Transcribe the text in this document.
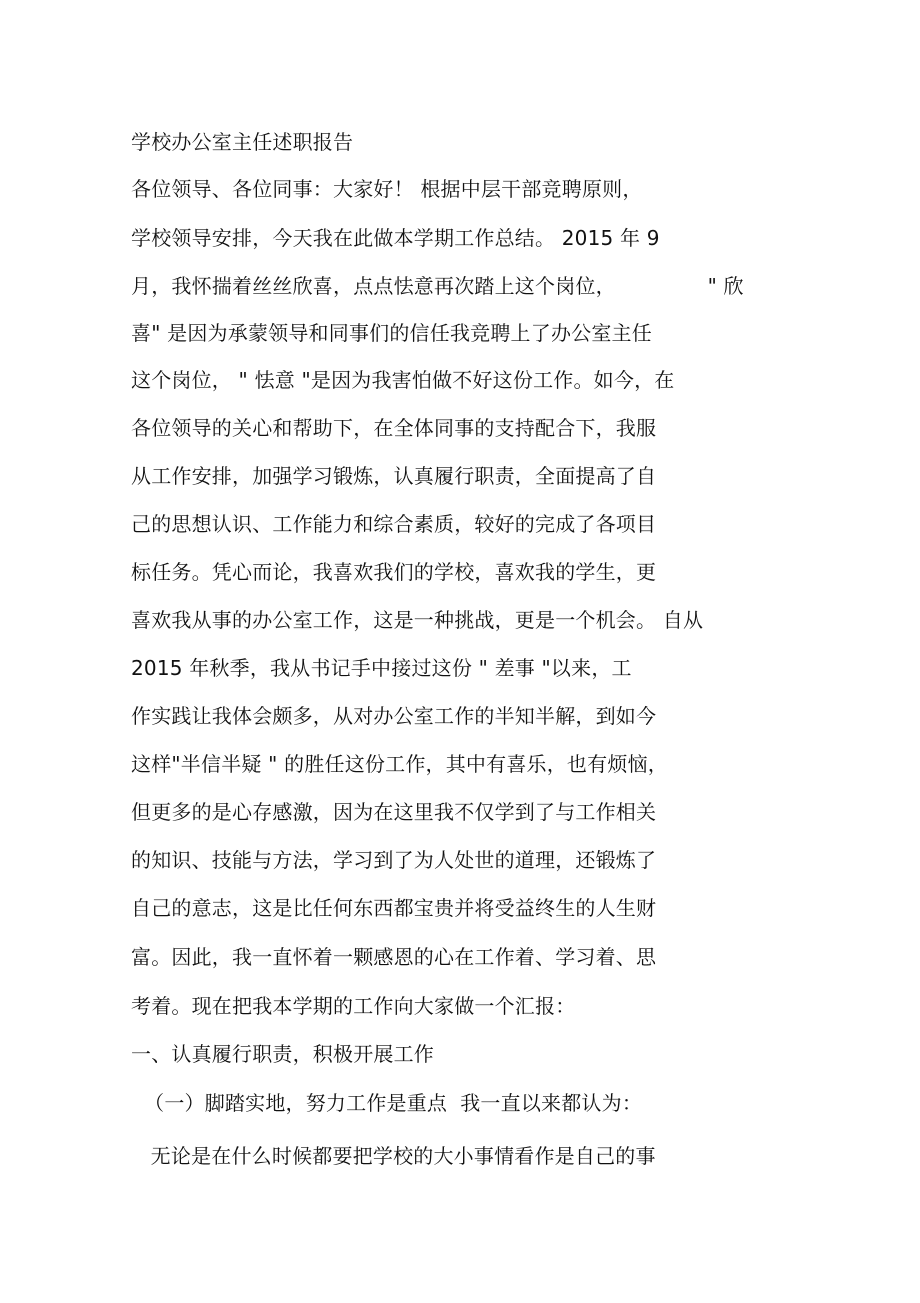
学校办公室主任述职报告
各位领导、各位同事：大家好！ 根据中层干部竞聘原则，
学校领导安排，今天我在此做本学期工作总结。 2015 年 9
月，我怀揣着丝丝欣喜，点点怯意再次踏上这个岗位，              " 欣
喜" 是因为承蒙领导和同事们的信任我竞聘上了办公室主任
这个岗位， " 怯意 "是因为我害怕做不好这份工作。如今，在
各位领导的关心和帮助下，在全体同事的支持配合下，我服
从工作安排，加强学习锻炼，认真履行职责，全面提高了自
己的思想认识、工作能力和综合素质，较好的完成了各项目
标任务。凭心而论，我喜欢我们的学校，喜欢我的学生，更
喜欢我从事的办公室工作，这是一种挑战，更是一个机会。 自从
2015 年秋季，我从书记手中接过这份 " 差事 "以来，工
作实践让我体会颇多，从对办公室工作的半知半解，到如今
这样"半信半疑 " 的胜任这份工作，其中有喜乐，也有烦恼，
但更多的是心存感激，因为在这里我不仅学到了与工作相关
的知识、技能与方法，学习到了为人处世的道理，还锻炼了
自己的意志，这是比任何东西都宝贵并将受益终生的人生财
富。因此，我一直怀着一颗感恩的心在工作着、学习着、思
考着。现在把我本学期的工作向大家做一个汇报：
一、认真履行职责，积极开展工作
（一）脚踏实地，努力工作是重点  我一直以来都认为：
无论是在什么时候都要把学校的大小事情看作是自己的事
